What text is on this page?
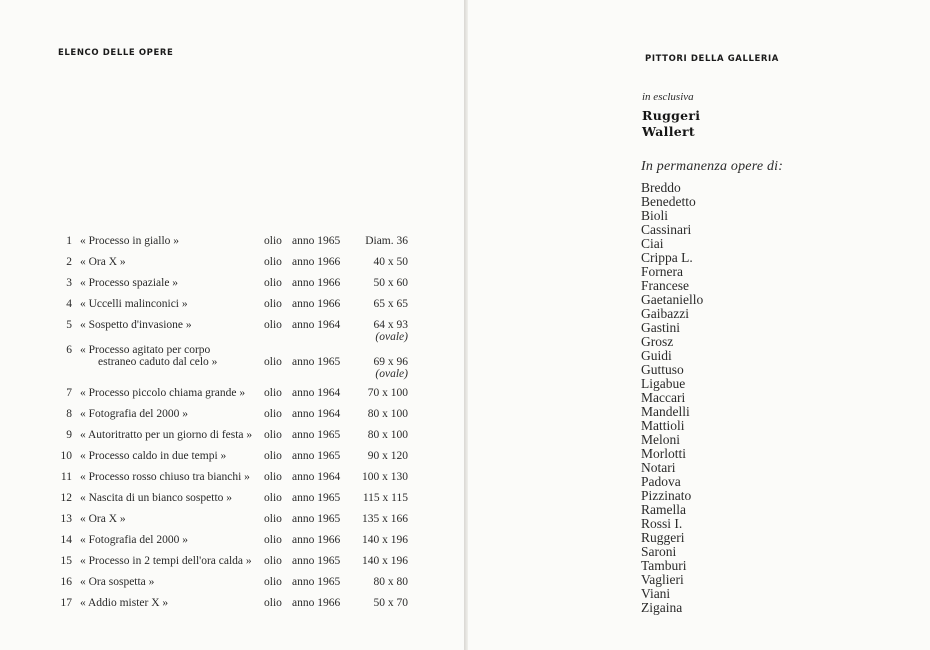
ELENCO DELLE OPERE
1 « Processo in giallo »	olio anno 1965	Diam. 36
2 « Ora X »	olio anno 1966	40 x 50
3 « Processo spaziale »	olio anno 1966	50 x 60
4 « Uccelli malinconici »	olio anno 1966	65 x 65
5 « Sospetto d'invasione »	olio anno 1964	64 x 93
(ovale)
6 « Processo agitato per corpo
estraneo caduto dal celo »	olio anno 1965	69 x 96
(ovale)
7 « Processo piccolo chiama grande » olio anno 1964	70 x 100
8 « Fotografia del 2000 »	olio anno 1964	80 x 100
9 « Autoritratto per un giorno di festa » olio anno 1965	80 x 100
10 « Processo caldo in due tempi »	olio anno 1965	90 x 120
11 « Processo rosso chiuso tra bianchi » olio anno 1964	100 x 130
12 « Nascita di un bianco sospetto »	olio anno 1965	115 x 115
13 « Ora X »	olio anno 1965	135 x 166
14 « Fotografia del 2000 »	olio anno 1966	140 x 196
15 « Processo in 2 tempi dell'ora calda » olio anno 1965	140 x 196
16 « Ora sospetta »	olio anno 1965	80 x 80
17 « Addio mister X »	olio anno 1966	50 x 70
PITTORI DELLA GALLERIA
in esclusiva
Ruggeri
Wallert
In permanenza opere di:
Breddo
Benedetto
Bioli
Cassinari
Ciai
Crippa L.
Fornera
Francese
Gaetaniello
Gaibazzi
Gastini
Grosz
Guidi
Guttuso
Ligabue
Maccari
Mandelli
Mattioli
Meloni
Morlotti
Notari
Padova
Pizzinato
Ramella
Rossi I.
Ruggeri
Saroni
Tamburi
Vaglieri
Viani
Zigaina
